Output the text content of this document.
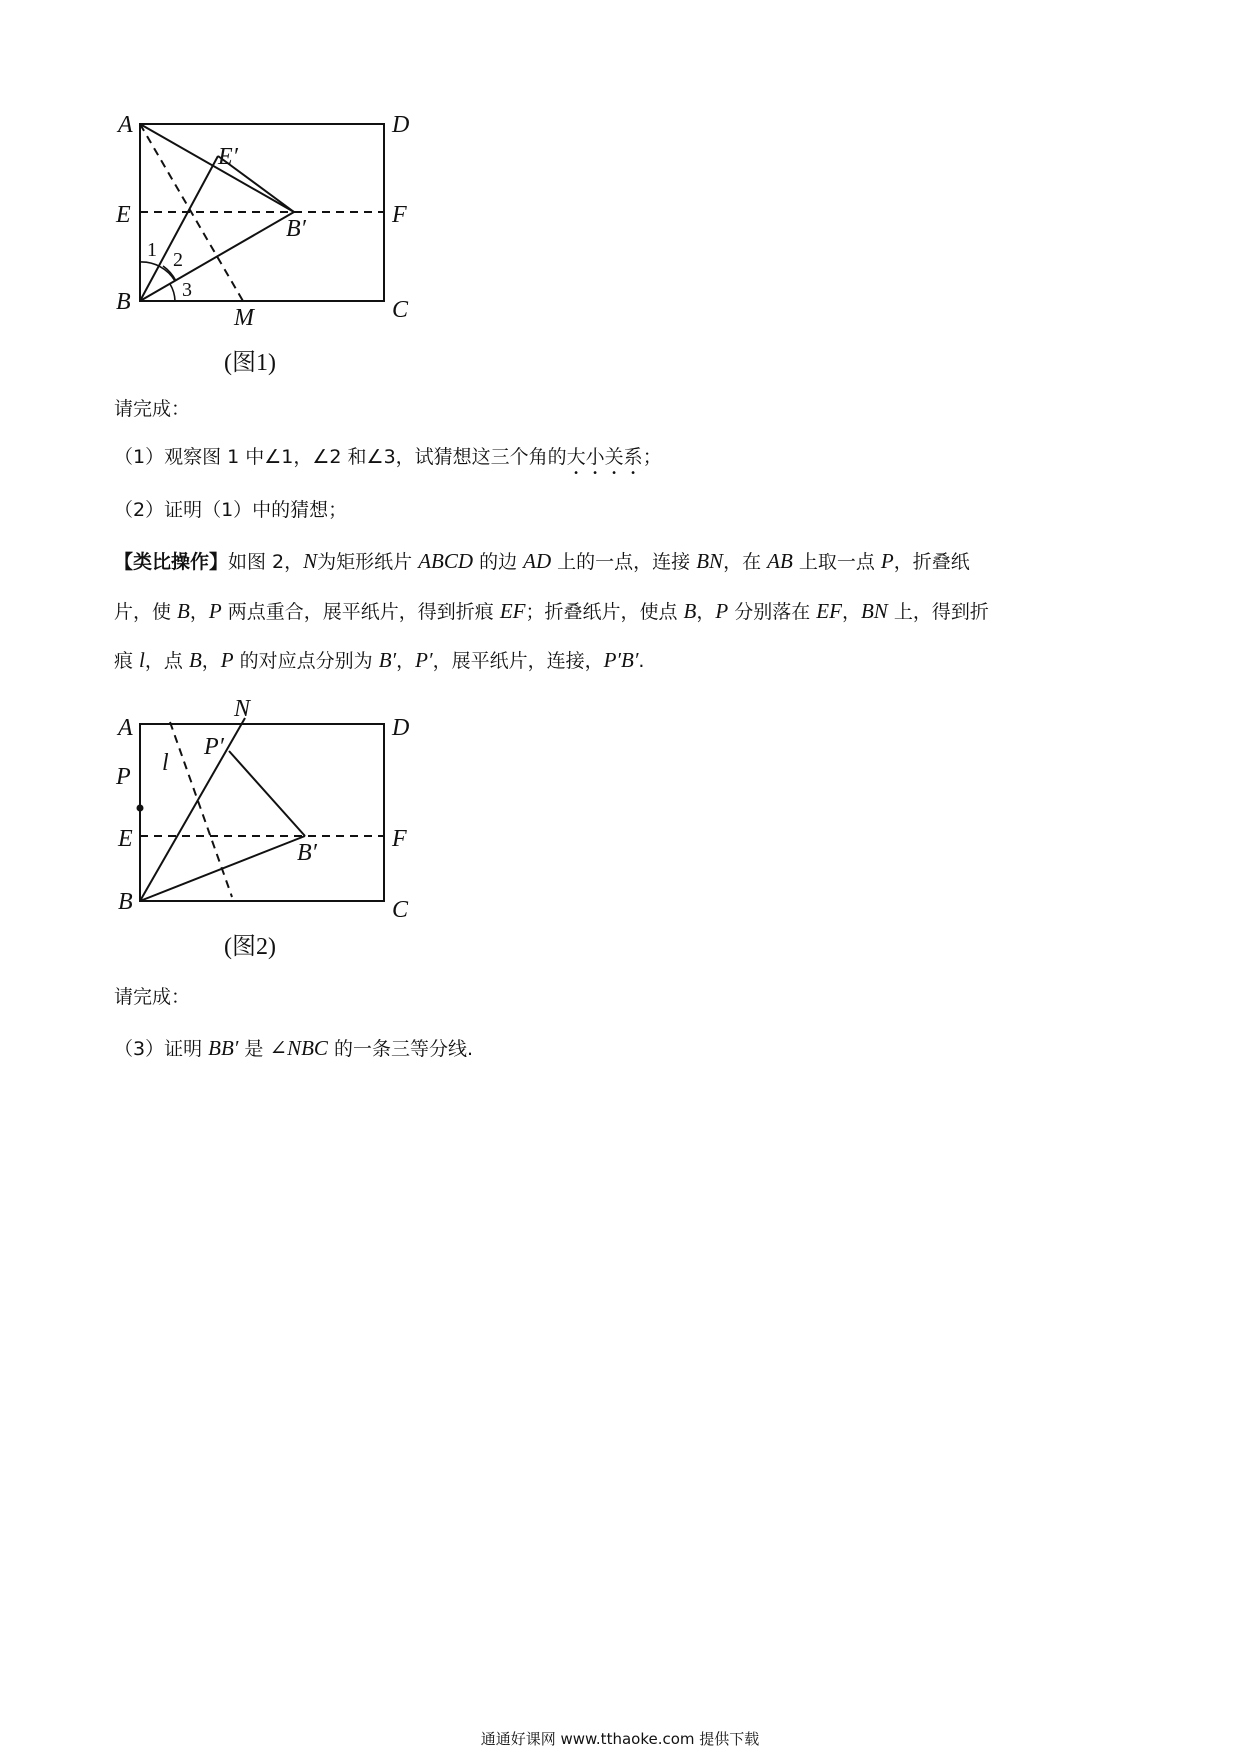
A	D
E′
E	F
B′
1 2
3
B	C
M
(图1)
请完成：
（1）观察图 1 中∠1，∠2 和∠3，试猜想这三个角的大小关系；
（2）证明（1）中的猜想；
【类比操作】如图 2，N为矩形纸片 ABCD 的边 AD 上的一点，连接 BN，在 AB 上取一点 P，折叠纸
片，使 B，P 两点重合，展平纸片，得到折痕 EF；折叠纸片，使点 B，P 分别落在 EF，BN 上，得到折
痕 l，点 B，P 的对应点分别为 B′，P′，展平纸片，连接，P′B′.
A
N
D
P′
l
P
E	F
B′
B	C
(图2)
请完成：
（3）证明 BB′ 是 ∠NBC 的一条三等分线.
通通好课网 www.tthaoke.com 提供下载
